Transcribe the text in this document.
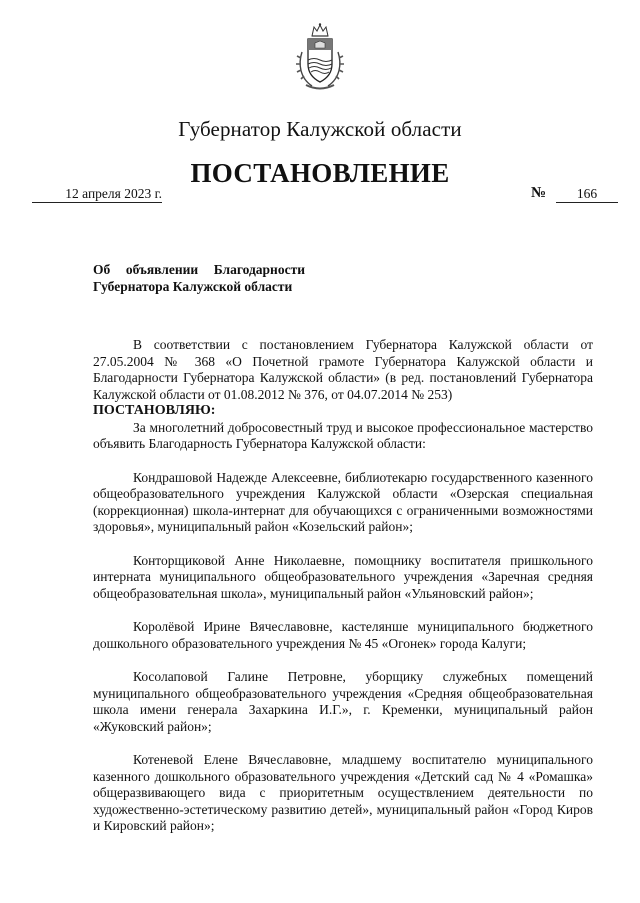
Губернатор Калужской области
ПОСТАНОВЛЕНИЕ
12 апреля 2023 г.	№	166
Об объявлении Благодарности
Губернатора Калужской области

В соответствии с постановлением Губернатора Калужской области от 27.05.2004 № 368 «О Почетной грамоте Губернатора Калужской области и Благодарности Губернатора Калужской области» (в ред. постановлений Губернатора Калужской области от 01.08.2012 № 376, от 04.07.2014 № 253)

ПОСТАНОВЛЯЮ:

За многолетний добросовестный труд и высокое профессиональное мастерство объявить Благодарность Губернатора Калужской области:

Кондрашовой Надежде Алексеевне, библиотекарю государственного казенного общеобразовательного учреждения Калужской области «Озерская специальная (коррекционная) школа-интернат для обучающихся с ограниченными возможностями здоровья», муниципальный район «Козельский район»;
Конторщиковой Анне Николаевне, помощнику воспитателя пришкольного интерната муниципального общеобразовательного учреждения «Заречная средняя общеобразовательная школа», муниципальный район «Ульяновский район»;
Королёвой Ирине Вячеславовне, кастелянше муниципального бюджетного дошкольного образовательного учреждения № 45 «Огонек» города Калуги;
Косолаповой Галине Петровне, уборщику служебных помещений муниципального общеобразовательного учреждения «Средняя общеобразовательная школа имени генерала Захаркина И.Г.», г. Кременки, муниципальный район «Жуковский район»;
Котеневой Елене Вячеславовне, младшему воспитателю муниципального казенного дошкольного образовательного учреждения «Детский сад № 4 «Ромашка» общеразвивающего вида с приоритетным осуществлением деятельности по художественно-эстетическому развитию детей», муниципальный район «Город Киров и Кировский район»;
